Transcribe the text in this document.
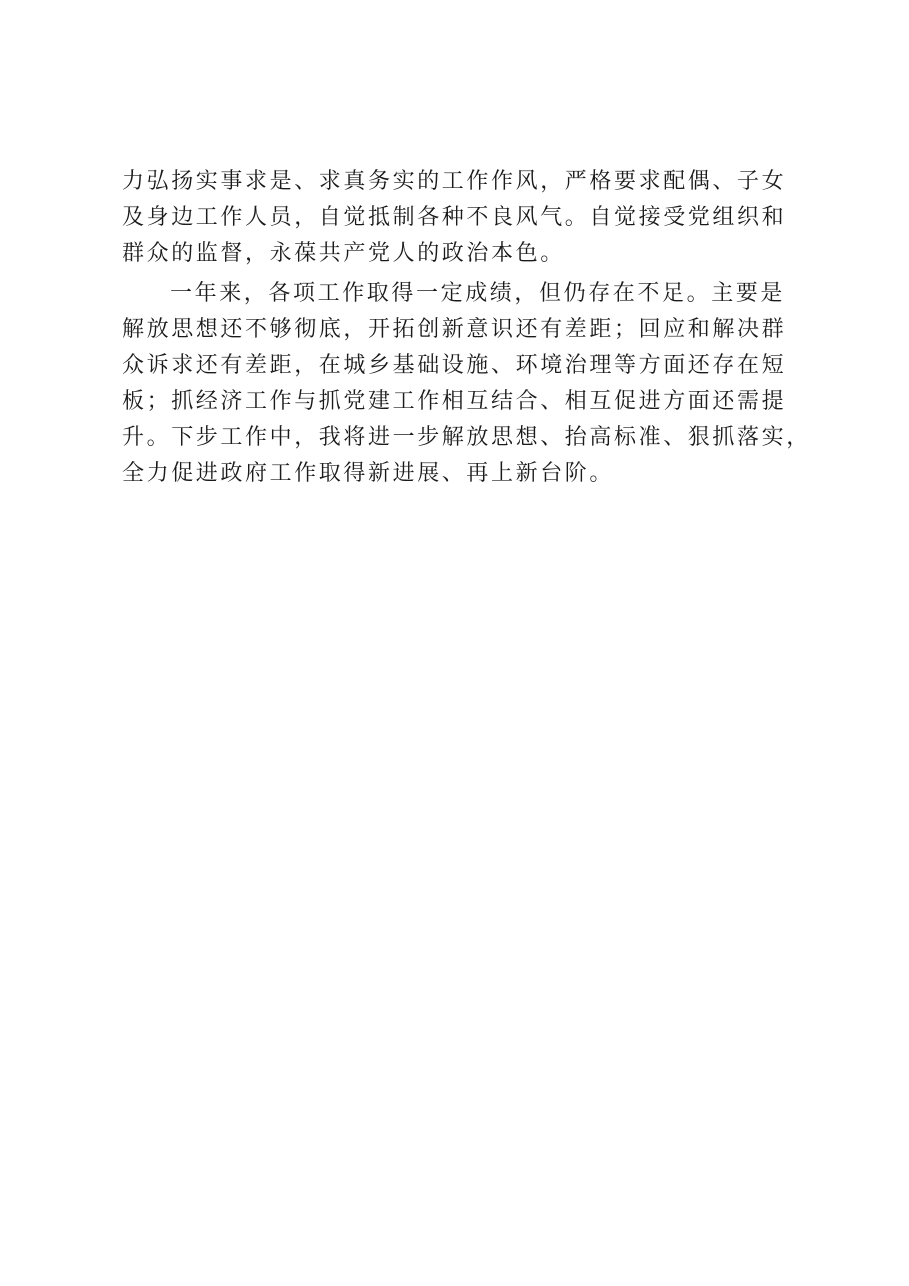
力弘扬实事求是、求真务实的工作作风，严格要求配偶、子女
及身边工作人员，自觉抵制各种不良风气。自觉接受党组织和
群众的监督，永葆共产党人的政治本色。
一年来，各项工作取得一定成绩，但仍存在不足。主要是
解放思想还不够彻底，开拓创新意识还有差距；回应和解决群
众诉求还有差距，在城乡基础设施、环境治理等方面还存在短
板；抓经济工作与抓党建工作相互结合、相互促进方面还需提
升。下步工作中，我将进一步解放思想、抬高标准、狠抓落实，
全力促进政府工作取得新进展、再上新台阶。
